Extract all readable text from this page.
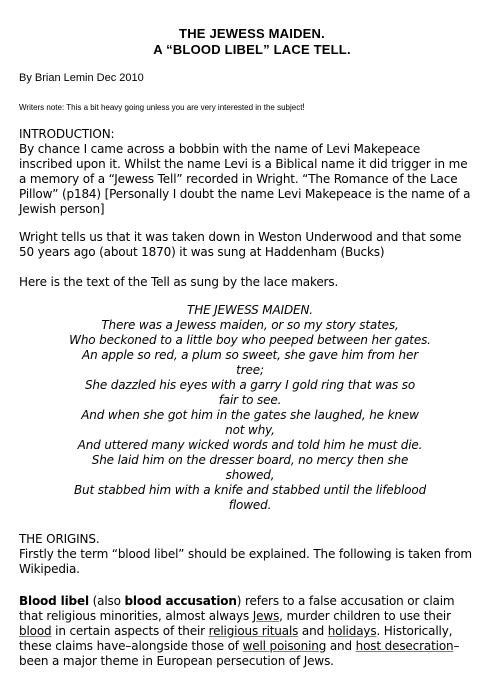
THE JEWESS MAIDEN.
A “BLOOD LIBEL” LACE TELL.
By Brian Lemin Dec 2010
Writers note: This a bit heavy going unless you are very interested in the subject!
INTRODUCTION:
By chance I came across a bobbin with the name of Levi Makepeace
inscribed upon it. Whilst the name Levi is a Biblical name it did trigger in me
a memory of a “Jewess Tell” recorded in Wright. “The Romance of the Lace
Pillow” (p184) [Personally I doubt the name Levi Makepeace is the name of a
Jewish person]
Wright tells us that it was taken down in Weston Underwood and that some
50 years ago (about 1870) it was sung at Haddenham (Bucks)
Here is the text of the Tell as sung by the lace makers.
THE JEWESS MAIDEN.
There was a Jewess maiden, or so my story states,
Who beckoned to a little boy who peeped between her gates.
An apple so red, a plum so sweet, she gave him from her
tree;
She dazzled his eyes with a garry I gold ring that was so
fair to see.
And when she got him in the gates she laughed, he knew
not why,
And uttered many wicked words and told him he must die.
She laid him on the dresser board, no mercy then she
showed,
But stabbed him with a knife and stabbed until the lifeblood
flowed.
THE ORIGINS.
Firstly the term “blood libel” should be explained. The following is taken from
Wikipedia.
Blood libel (also blood accusation) refers to a false accusation or claim
that religious minorities, almost always Jews, murder children to use their
blood in certain aspects of their religious rituals and holidays. Historically,
these claims have–alongside those of well poisoning and host desecration–
been a major theme in European persecution of Jews.
